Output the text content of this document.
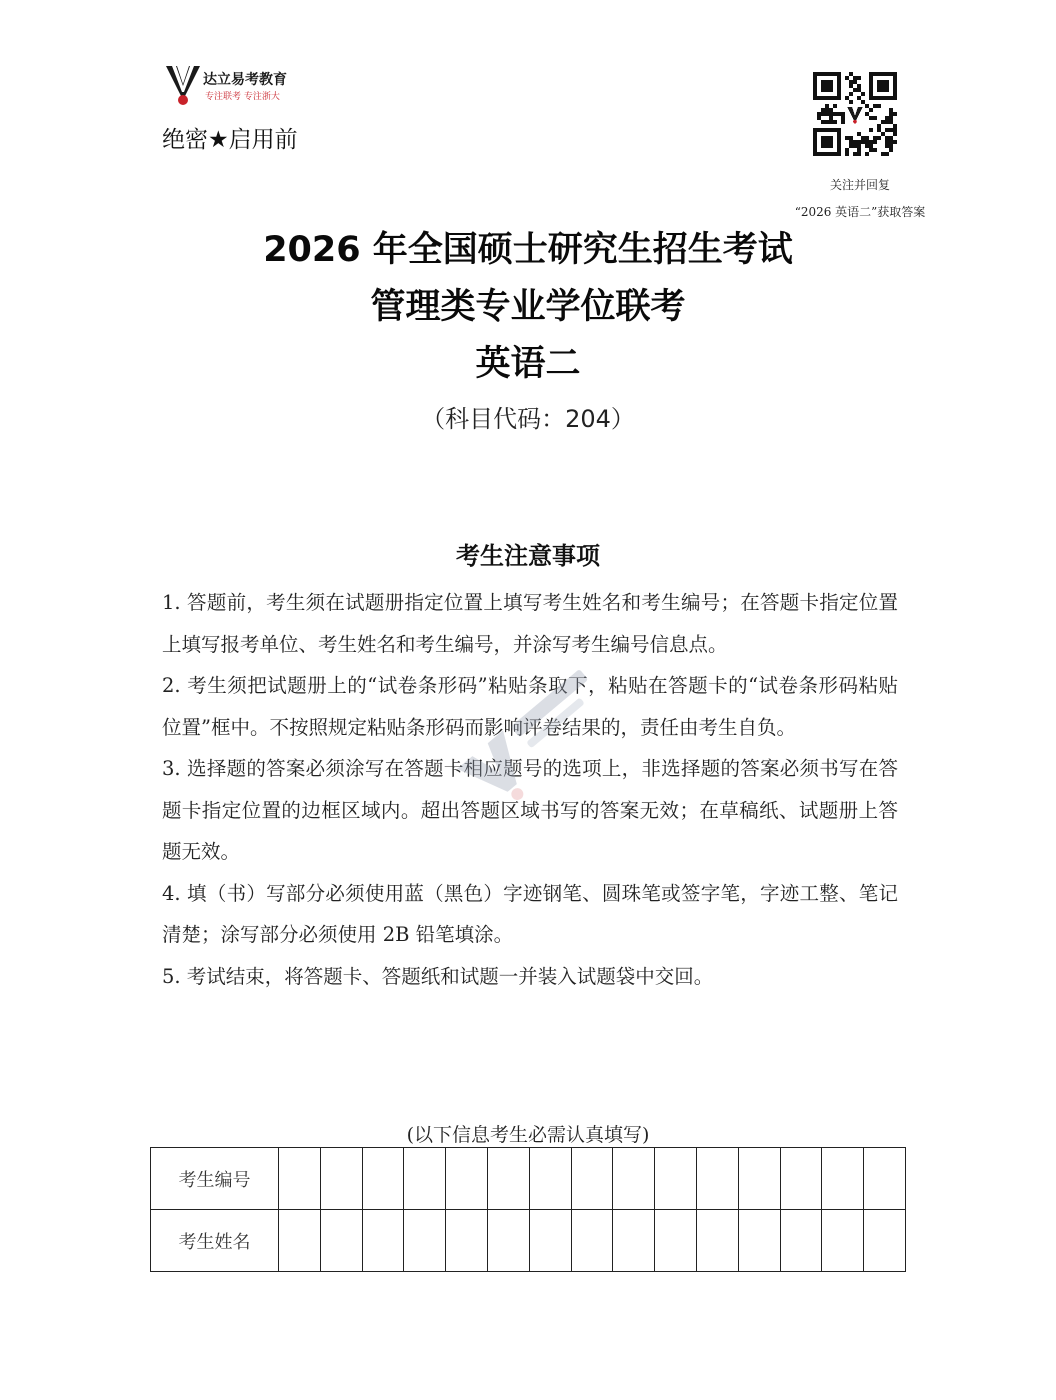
达立易考教育
专注联考 专注浙大
绝密★启用前
关注并回复
“2026 英语二”获取答案
2026 年全国硕士研究生招生考试
管理类专业学位联考
英语二
（科目代码：204）
考生注意事项

1. 答题前，考生须在试题册指定位置上填写考生姓名和考生编号；在答题卡指定位置上填写报考单位、考生姓名和考生编号，并涂写考生编号信息点。

2. 考生须把试题册上的“试卷条形码”粘贴条取下，粘贴在答题卡的“试卷条形码粘贴位置”框中。不按照规定粘贴条形码而影响评卷结果的，责任由考生自负。

3. 选择题的答案必须涂写在答题卡相应题号的选项上，非选择题的答案必须书写在答题卡指定位置的边框区域内。超出答题区域书写的答案无效；在草稿纸、试题册上答题无效。

4. 填（书）写部分必须使用蓝（黑色）字迹钢笔、圆珠笔或签字笔，字迹工整、笔记清楚；涂写部分必须使用 2B 铅笔填涂。

5. 考试结束，将答题卡、答题纸和试题一并装入试题袋中交回。

(以下信息考生必需认真填写)
考生编号															
考生姓名															
